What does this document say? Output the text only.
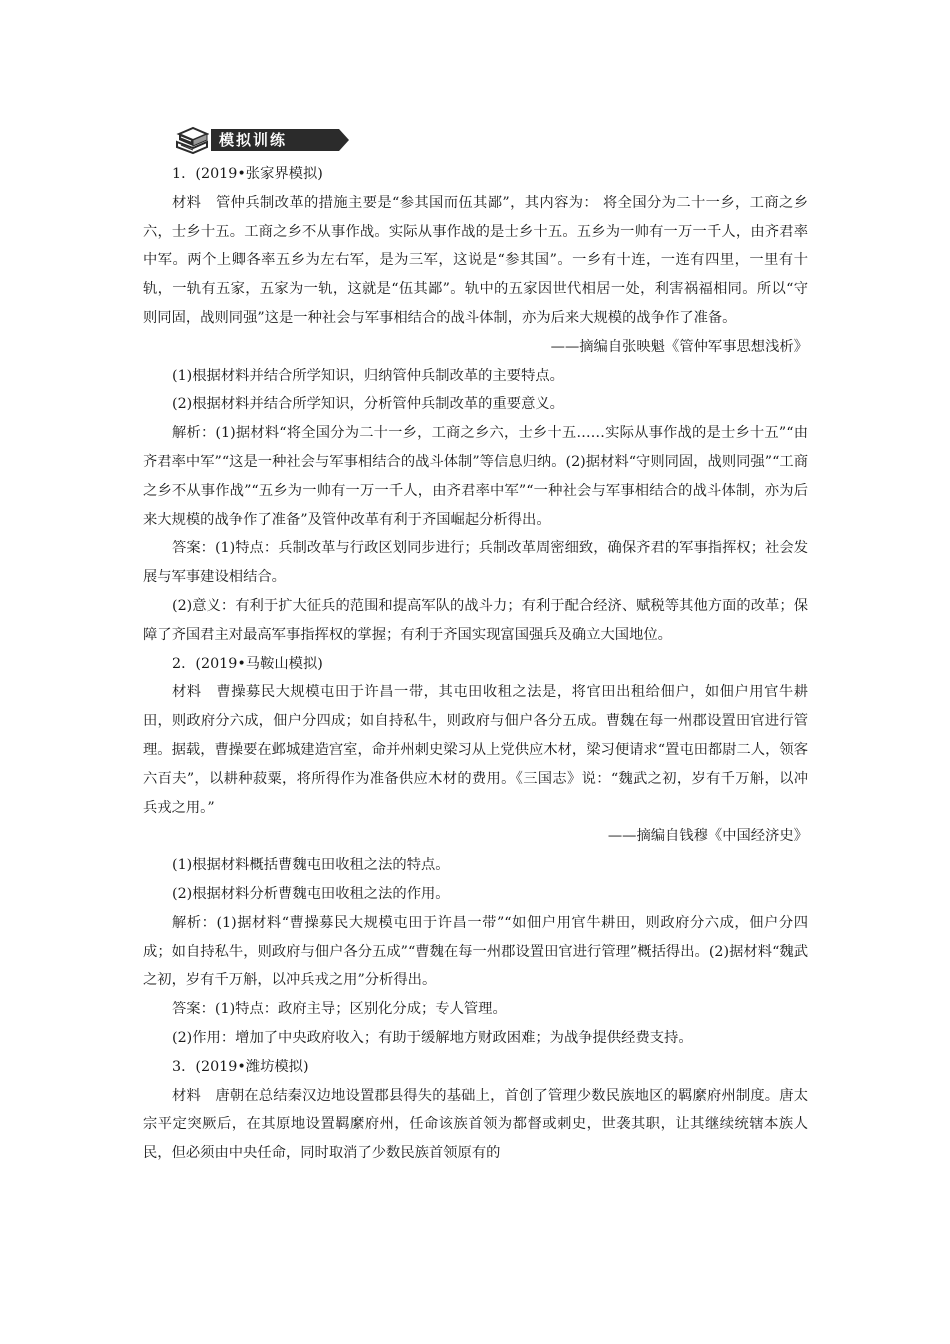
模拟训练

1．(2019•张家界模拟)

材料　管仲兵制改革的措施主要是“参其国而伍其鄙”，其内容为： 将全国分为二十一乡，工商之乡六，士乡十五。工商之乡不从事作战。实际从事作战的是士乡十五。五乡为一帅有一万一千人，由齐君率中军。两个上卿各率五乡为左右军，是为三军，这说是“参其国”。一乡有十连，一连有四里，一里有十轨，一轨有五家，五家为一轨，这就是“伍其鄙”。轨中的五家因世代相居一处，利害祸福相同。所以“守则同固，战则同强”这是一种社会与军事相结合的战斗体制，亦为后来大规模的战争作了准备。

——摘编自张映魁《管仲军事思想浅析》

(1)根据材料并结合所学知识，归纳管仲兵制改革的主要特点。

(2)根据材料并结合所学知识，分析管仲兵制改革的重要意义。

解析：(1)据材料“将全国分为二十一乡，工商之乡六，士乡十五……实际从事作战的是士乡十五”“由齐君率中军”“这是一种社会与军事相结合的战斗体制”等信息归纳。(2)据材料“守则同固，战则同强”“工商之乡不从事作战”“五乡为一帅有一万一千人，由齐君率中军”“一种社会与军事相结合的战斗体制，亦为后来大规模的战争作了准备”及管仲改革有利于齐国崛起分析得出。

答案：(1)特点：兵制改革与行政区划同步进行；兵制改革周密细致，确保齐君的军事指挥权；社会发展与军事建设相结合。

(2)意义：有利于扩大征兵的范围和提高军队的战斗力；有利于配合经济、赋税等其他方面的改革；保障了齐国君主对最高军事指挥权的掌握；有利于齐国实现富国强兵及确立大国地位。

2．(2019•马鞍山模拟)

材料　曹操募民大规模屯田于许昌一带，其屯田收租之法是，将官田出租给佃户，如佃户用官牛耕田，则政府分六成，佃户分四成；如自持私牛，则政府与佃户各分五成。曹魏在每一州郡设置田官进行管理。据载，曹操要在邺城建造宫室，命并州刺史梁习从上党供应木材，梁习便请求“置屯田都尉二人，领客六百夫”，以耕种菽粟，将所得作为准备供应木材的费用。《三国志》说：“魏武之初，岁有千万斛，以冲兵戎之用。”

——摘编自钱穆《中国经济史》

(1)根据材料概括曹魏屯田收租之法的特点。

(2)根据材料分析曹魏屯田收租之法的作用。

解析：(1)据材料“曹操募民大规模屯田于许昌一带”“如佃户用官牛耕田，则政府分六成，佃户分四成；如自持私牛，则政府与佃户各分五成”“曹魏在每一州郡设置田官进行管理”概括得出。(2)据材料“魏武之初，岁有千万斛，以冲兵戎之用”分析得出。

答案：(1)特点：政府主导；区别化分成；专人管理。

(2)作用：增加了中央政府收入；有助于缓解地方财政困难；为战争提供经费支持。

3．(2019•潍坊模拟)

材料　唐朝在总结秦汉边地设置郡县得失的基础上，首创了管理少数民族地区的羁縻府州制度。唐太宗平定突厥后，在其原地设置羁縻府州，任命该族首领为都督或刺史，世袭其职，让其继续统辖本族人民，但必须由中央任命，同时取消了少数民族首领原有的
